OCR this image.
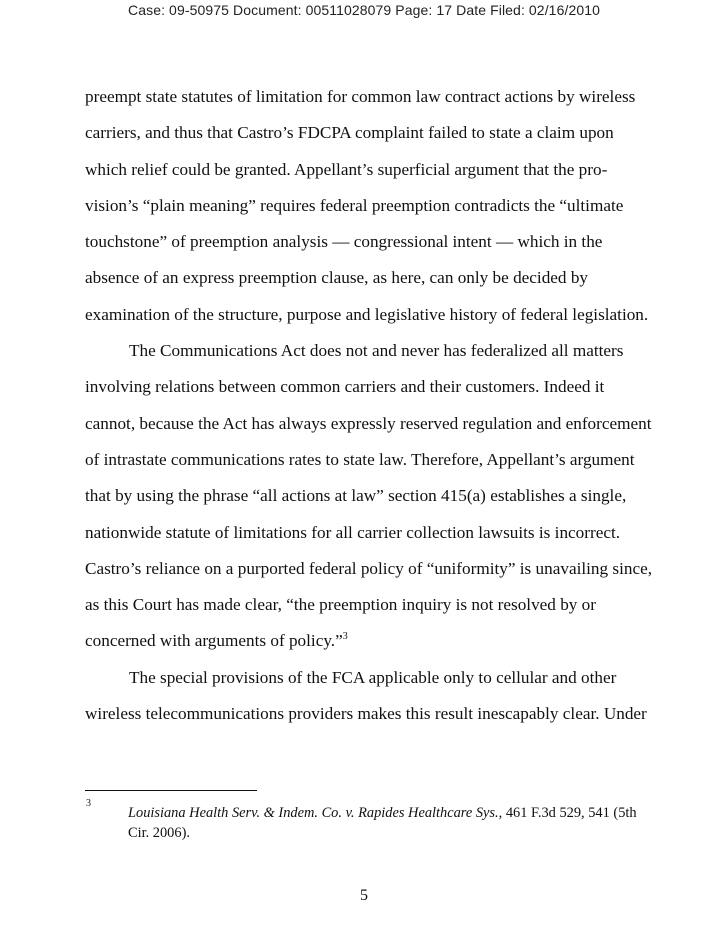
Case: 09-50975 Document: 00511028079 Page: 17 Date Filed: 02/16/2010
preempt state statutes of limitation for common law contract actions by wireless
carriers, and thus that Castro’s FDCPA complaint failed to state a claim upon
which relief could be granted. Appellant’s superficial argument that the pro-
vision’s “plain meaning” requires federal preemption contradicts the “ultimate
touchstone” of preemption analysis — congressional intent — which in the
absence of an express preemption clause, as here, can only be decided by
examination of the structure, purpose and legislative history of federal legislation.
The Communications Act does not and never has federalized all matters
involving relations between common carriers and their customers. Indeed it
cannot, because the Act has always expressly reserved regulation and enforcement
of intrastate communications rates to state law. Therefore, Appellant’s argument
that by using the phrase “all actions at law” section 415(a) establishes a single,
nationwide statute of limitations for all carrier collection lawsuits is incorrect.
Castro’s reliance on a purported federal policy of “uniformity” is unavailing since,
as this Court has made clear, “the preemption inquiry is not resolved by or
concerned with arguments of policy.”$^3$
The special provisions of the FCA applicable only to cellular and other
wireless telecommunications providers makes this result inescapably clear. Under
3
Louisiana Health Serv. & Indem. Co. v. Rapides Healthcare Sys., 461 F.3d 529, 541 (5th
Cir. 2006).
5
